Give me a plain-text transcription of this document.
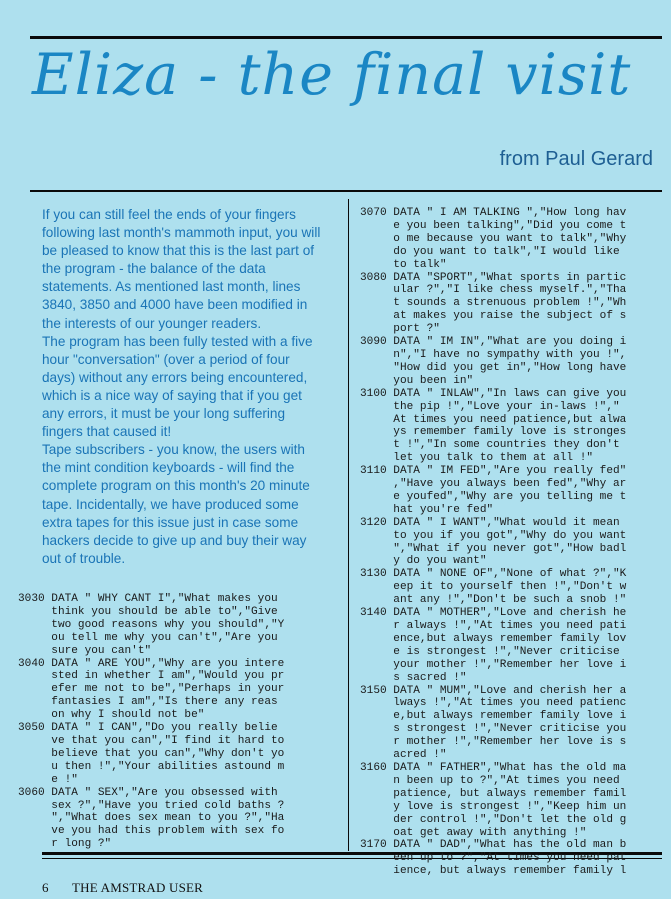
Eliza - the final visit
from Paul Gerard

If you can still feel the ends of your fingers following last month's mammoth input, you will be pleased to know that this is the last part of the program - the balance of the data statements. As mentioned last month, lines 3840, 3850 and 4000 have been modified in the interests of our younger readers.

The program has been fully tested with a five hour "conversation" (over a period of four days) without any errors being encountered, which is a nice way of saying that if you get any errors, it must be your long suffering fingers that caused it!

Tape subscribers - you know, the users with the mint condition keyboards - will find the complete program on this month's 20 minute tape. Incidentally, we have produced some extra tapes for this issue just in case some hackers decide to give up and buy their way out of trouble.

3030 DATA " WHY CANT I","What makes you
think you should be able to","Give
two good reasons why you should","Y
ou tell me why you can't","Are you
sure you can't"
3040 DATA " ARE YOU","Why are you intere
sted in whether I am","Would you pr
efer me not to be","Perhaps in your
fantasies I am","Is there any reas
on why I should not be"
3050 DATA " I CAN","Do you really belie
ve that you can","I find it hard to
believe that you can","Why don't yo
u then !","Your abilities astound m
e !"
3060 DATA " SEX","Are you obsessed with
sex ?","Have you tried cold baths ?
","What does sex mean to you ?","Ha
ve you had this problem with sex fo
r long ?"
3070 DATA " I AM TALKING ","How long hav
e you been talking","Did you come t
o me because you want to talk","Why
do you want to talk","I would like
to talk"
3080 DATA "SPORT","What sports in partic
ular ?","I like chess myself.","Tha
t sounds a strenuous problem !","Wh
at makes you raise the subject of s
port ?"
3090 DATA " IM IN","What are you doing i
n","I have no sympathy with you !",
"How did you get in","How long have
you been in"
3100 DATA " INLAW","In laws can give you
the pip !","Love your in-laws !","
At times you need patience,but alwa
ys remember family love is stronges
t !","In some countries they don't
let you talk to them at all !"
3110 DATA " IM FED","Are you really fed"
,"Have you always been fed","Why ar
e youfed","Why are you telling me t
hat you're fed"
3120 DATA " I WANT","What would it mean
to you if you got","Why do you want
","What if you never got","How badl
y do you want"
3130 DATA " NONE OF","None of what ?","K
eep it to yourself then !","Don't w
ant any !","Don't be such a snob !"
3140 DATA " MOTHER","Love and cherish he
r always !","At times you need pati
ence,but always remember family lov
e is strongest !","Never criticise
your mother !","Remember her love i
s sacred !"
3150 DATA " MUM","Love and cherish her a
lways !","At times you need patienc
e,but always remember family love i
s strongest !","Never criticise you
r mother !","Remember her love is s
acred !"
3160 DATA " FATHER","What has the old ma
n been up to ?","At times you need
patience, but always remember famil
y love is strongest !","Keep him un
der control !","Don't let the old g
oat get away with anything !"
3170 DATA " DAD","What has the old man b
een up to ?","At times you need pat
ience, but always remember family l
6 THE AMSTRAD USER
